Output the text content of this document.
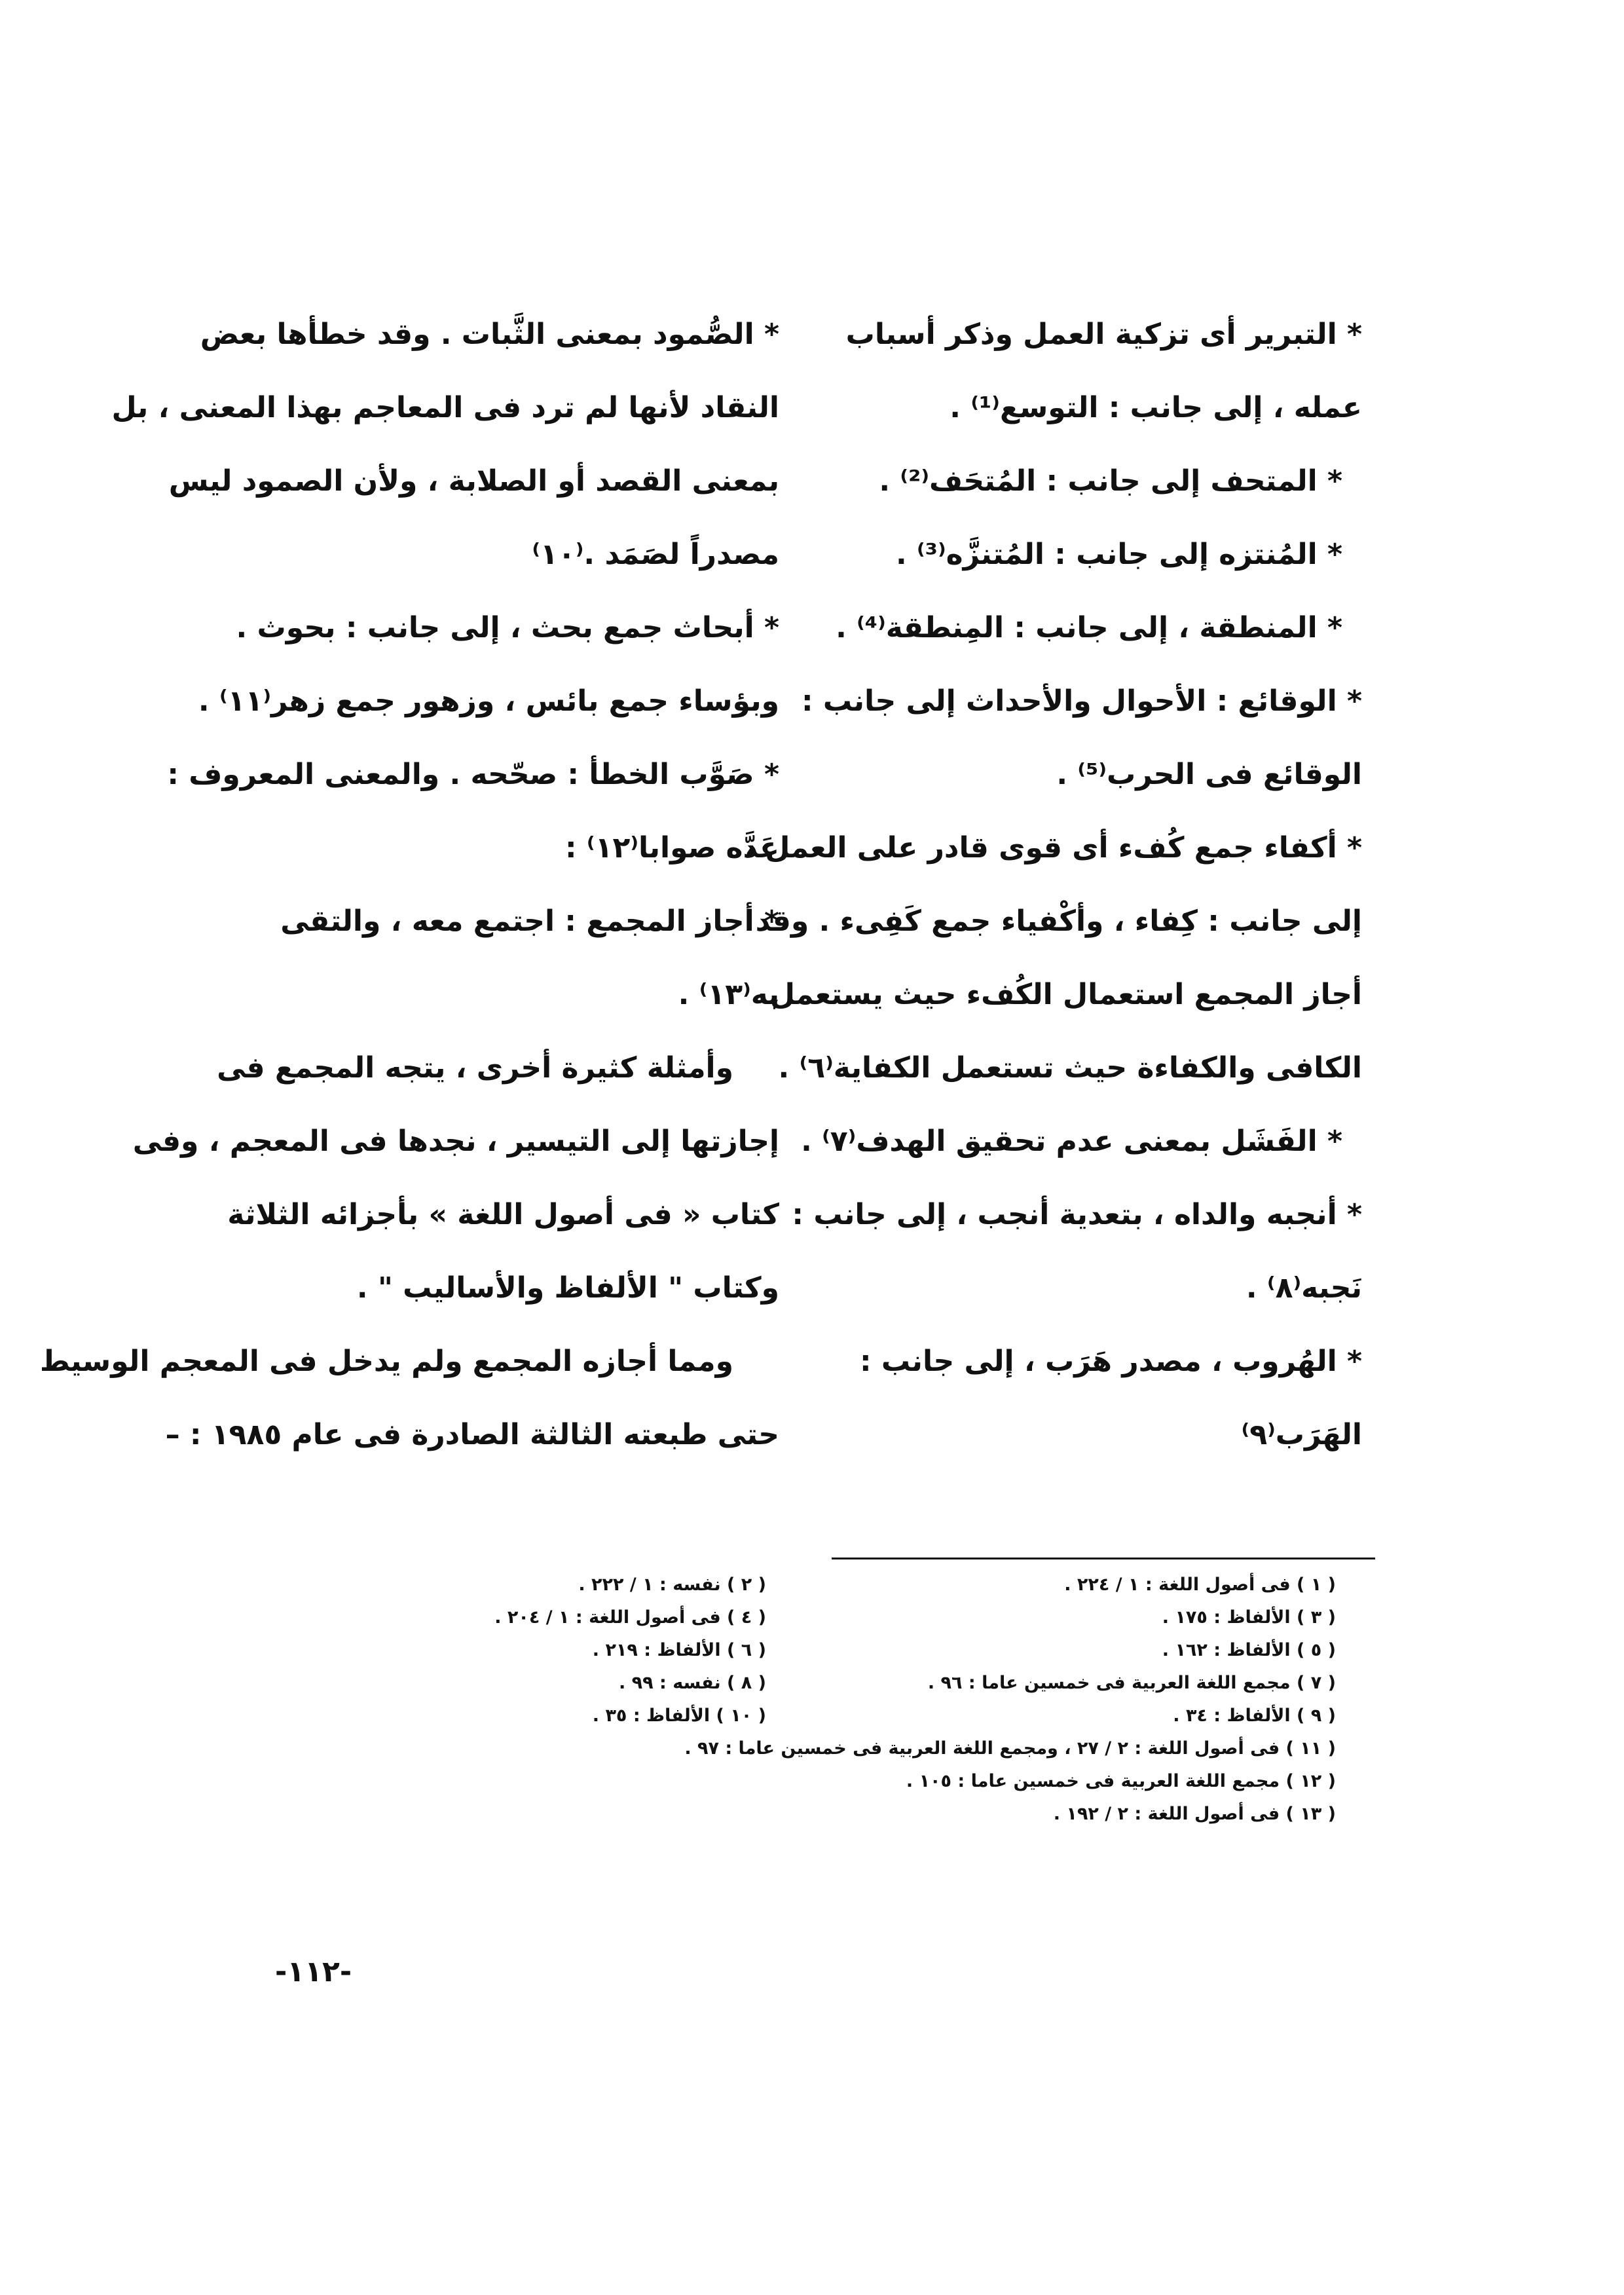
* التبرير أى تزكية العمل وذكر أسباب
عمله ، إلى جانب : التوسع⁽¹⁾ .
* المتحف إلى جانب : المُتحَف⁽²⁾ .
* المُنتزه إلى جانب : المُتنزَّه⁽³⁾ .
* المنطقة ، إلى جانب : المِنطقة⁽⁴⁾ .
* الوقائع : الأحوال والأحداث إلى جانب :
الوقائع فى الحرب⁽⁵⁾ .
* أكفاء جمع كُفء أى قوى قادر على العمل ،
إلى جانب : كِفاء ، وأكْفياء جمع كَفِىء . وقد
أجاز المجمع استعمال الكُفء حيث يستعمل
الكافى والكفاءة حيث تستعمل الكفاية⁽٦⁾ .
* الفَشَل بمعنى عدم تحقيق الهدف⁽٧⁾ .
* أنجبه والداه ، بتعدية أنجب ، إلى جانب :
نَجبه⁽٨⁾ .
* الهُروب ، مصدر هَرَب ، إلى جانب :
الهَرَب⁽٩⁾
* الصُّمود بمعنى الثَّبات . وقد خطأها بعض
النقاد لأنها لم ترد فى المعاجم بهذا المعنى ، بل
بمعنى القصد أو الصلابة ، ولأن الصمود ليس
مصدراً لصَمَد .⁽١٠⁾
* أبحاث جمع بحث ، إلى جانب : بحوث .
وبؤساء جمع بائس ، وزهور جمع زهر⁽١١⁾ .
* صَوَّب الخطأ : صحّحه . والمعنى المعروف :
عَدَّه صوابا⁽١٢⁾ :
* أجاز المجمع : اجتمع معه ، والتقى
به⁽١٣⁾ .
وأمثلة كثيرة أخرى ، يتجه المجمع فى
إجازتها إلى التيسير ، نجدها فى المعجم ، وفى
كتاب « فى أصول اللغة » بأجزائه الثلاثة
وكتاب " الألفاظ والأساليب " .
ومما أجازه المجمع ولم يدخل فى المعجم الوسيط
حتى طبعته الثالثة الصادرة فى عام ١٩٨٥ : –
( ١ ) فى أصول اللغة : ١ / ٢٢٤ .
( ٣ ) الألفاظ : ١٧٥ .
( ٥ ) الألفاظ : ١٦٢ .
( ٧ ) مجمع اللغة العربية فى خمسين عاما : ٩٦ .
( ٩ ) الألفاظ : ٣٤ .
( ٢ ) نفسه : ١ / ٢٢٢ .
( ٤ ) فى أصول اللغة : ١ / ٢٠٤ .
( ٦ ) الألفاظ : ٢١٩ .
( ٨ ) نفسه : ٩٩ .
( ١٠ ) الألفاظ : ٣٥ .
( ١١ ) فى أصول اللغة : ٢ / ٢٧ ، ومجمع اللغة العربية فى خمسين عاما : ٩٧ .
( ١٢ ) مجمع اللغة العربية فى خمسين عاما : ١٠٥ .
( ١٣ ) فى أصول اللغة : ٢ / ١٩٢ .
-١١٢-
